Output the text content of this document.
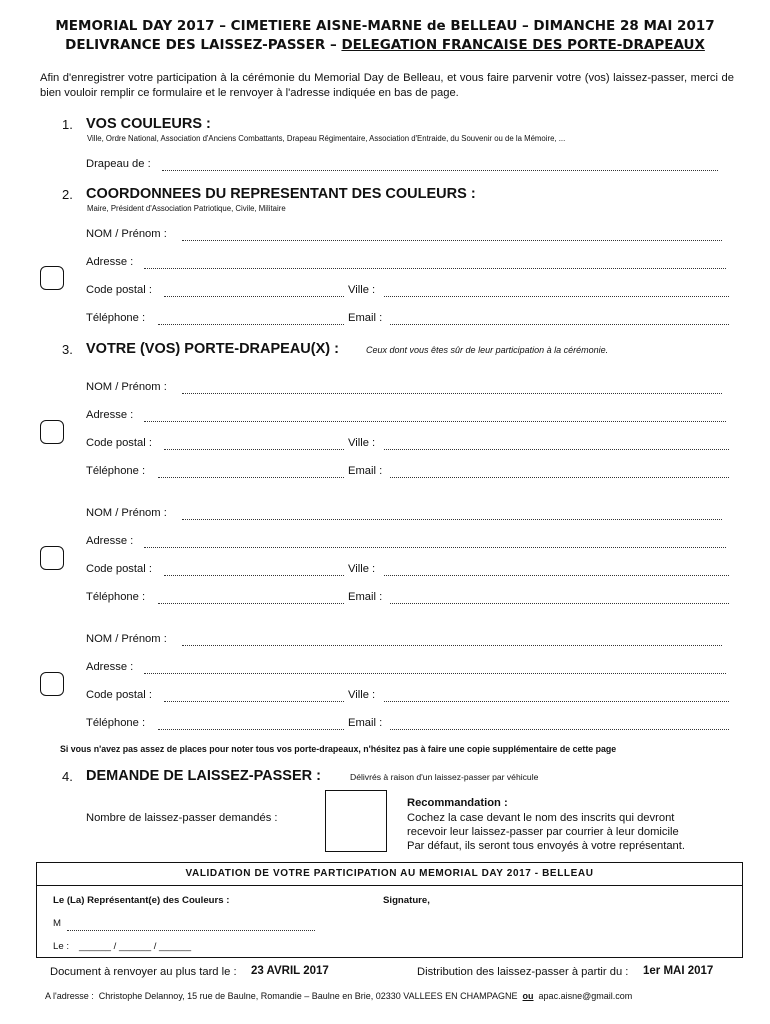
MEMORIAL DAY 2017 – CIMETIERE AISNE-MARNE de BELLEAU – DIMANCHE 28 MAI 2017
DELIVRANCE DES LAISSEZ-PASSER – DELEGATION FRANCAISE DES PORTE-DRAPEAUX
Afin d'enregistrer votre participation à la cérémonie du Memorial Day de Belleau, et vous faire parvenir votre (vos) laissez-passer, merci de bien vouloir remplir ce formulaire et le renvoyer à l'adresse indiquée en bas de page.
1. VOS COULEURS :
Ville, Ordre National, Association d'Anciens Combattants, Drapeau Régimentaire, Association d'Entraide, du Souvenir ou de la Mémoire, ...
Drapeau de :
2. COORDONNEES DU REPRESENTANT DES COULEURS :
Maire, Président d'Association Patriotique, Civile, Militaire
NOM / Prénom :
Adresse :
Code postal :	Ville :
Téléphone :	Email :
3. VOTRE (VOS) PORTE-DRAPEAU(X) :	Ceux dont vous êtes sûr de leur participation à la cérémonie.
NOM / Prénom :
Adresse :
Code postal :	Ville :
Téléphone :	Email :
NOM / Prénom :
Adresse :
Code postal :	Ville :
Téléphone :	Email :
NOM / Prénom :
Adresse :
Code postal :	Ville :
Téléphone :	Email :
Si vous n'avez pas assez de places pour noter tous vos porte-drapeaux, n'hésitez pas à faire une copie supplémentaire de cette page
4. DEMANDE DE LAISSEZ-PASSER :	Délivrés à raison d'un laissez-passer par véhicule
Nombre de laissez-passer demandés :
Recommandation :
Cochez la case devant le nom des inscrits qui devront
recevoir leur laissez-passer par courrier à leur domicile
Par défaut, ils seront tous envoyés à votre représentant.
VALIDATION DE VOTRE PARTICIPATION AU MEMORIAL DAY 2017 - BELLEAU
Le (La) Représentant(e) des Couleurs :	Signature,
M
Le : ______ / ______ / ______
Document à renvoyer au plus tard le : 23 AVRIL 2017	Distribution des laissez-passer à partir du : 1er MAI 2017
A l'adresse : Christophe Delannoy, 15 rue de Baulne, Romandie – Baulne en Brie, 02330 VALLEES EN CHAMPAGNE ou apac.aisne@gmail.com
